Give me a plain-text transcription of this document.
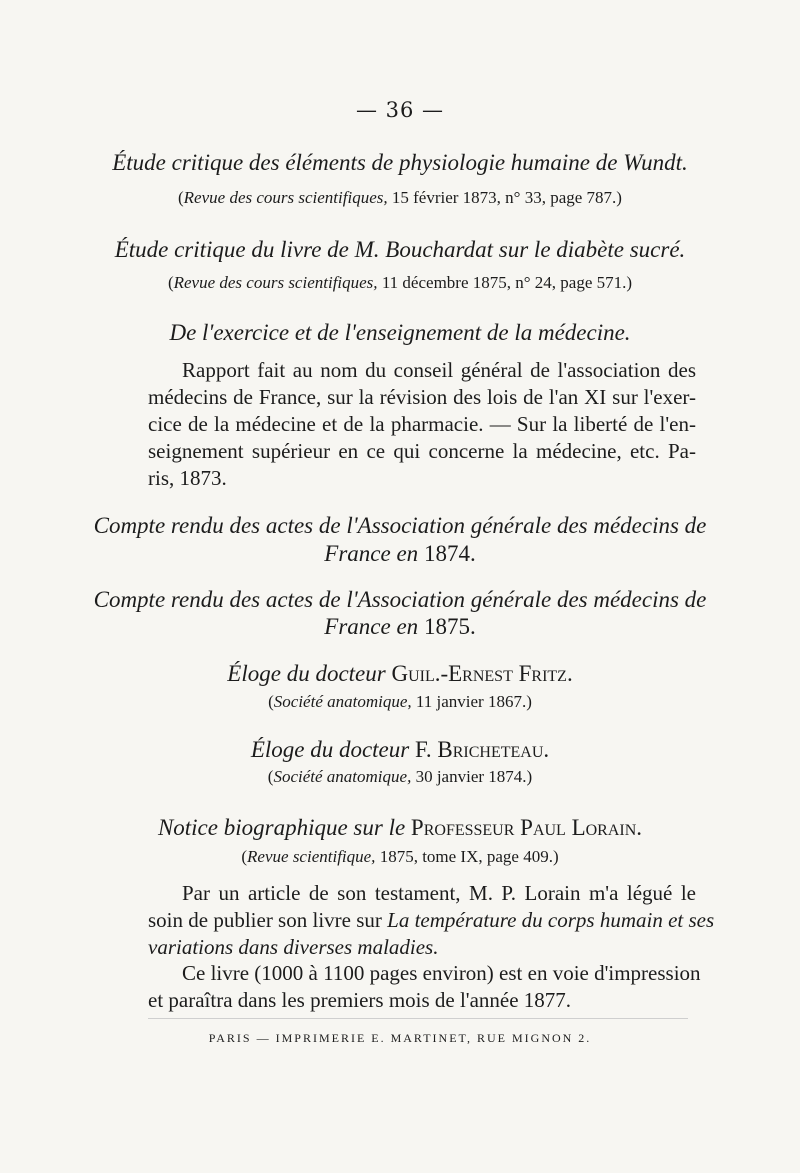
— 36 —
Étude critique des éléments de physiologie humaine de Wundt.
(Revue des cours scientifiques, 15 février 1873, n° 33, page 787.)
Étude critique du livre de M. Bouchardat sur le diabète sucré.
(Revue des cours scientifiques, 11 décembre 1875, n° 24, page 571.)
De l'exercice et de l'enseignement de la médecine.
Rapport fait au nom du conseil général de l'association des
médecins de France, sur la révision des lois de l'an XI sur l'exer-
cice de la médecine et de la pharmacie. — Sur la liberté de l'en-
seignement supérieur en ce qui concerne la médecine, etc. Pa-
ris, 1873.
Compte rendu des actes de l'Association générale des médecins de
France en 1874.
Compte rendu des actes de l'Association générale des médecins de
France en 1875.
Éloge du docteur Guil.-Ernest Fritz.
(Société anatomique, 11 janvier 1867.)
Éloge du docteur F. Bricheteau.
(Société anatomique, 30 janvier 1874.)
Notice biographique sur le Professeur Paul Lorain.
(Revue scientifique, 1875, tome IX, page 409.)
Par un article de son testament, M. P. Lorain m'a légué le
soin de publier son livre sur La température du corps humain et ses
variations dans diverses maladies.
Ce livre (1000 à 1100 pages environ) est en voie d'impression
et paraîtra dans les premiers mois de l'année 1877.
PARIS — IMPRIMERIE E. MARTINET, RUE MIGNON 2.
